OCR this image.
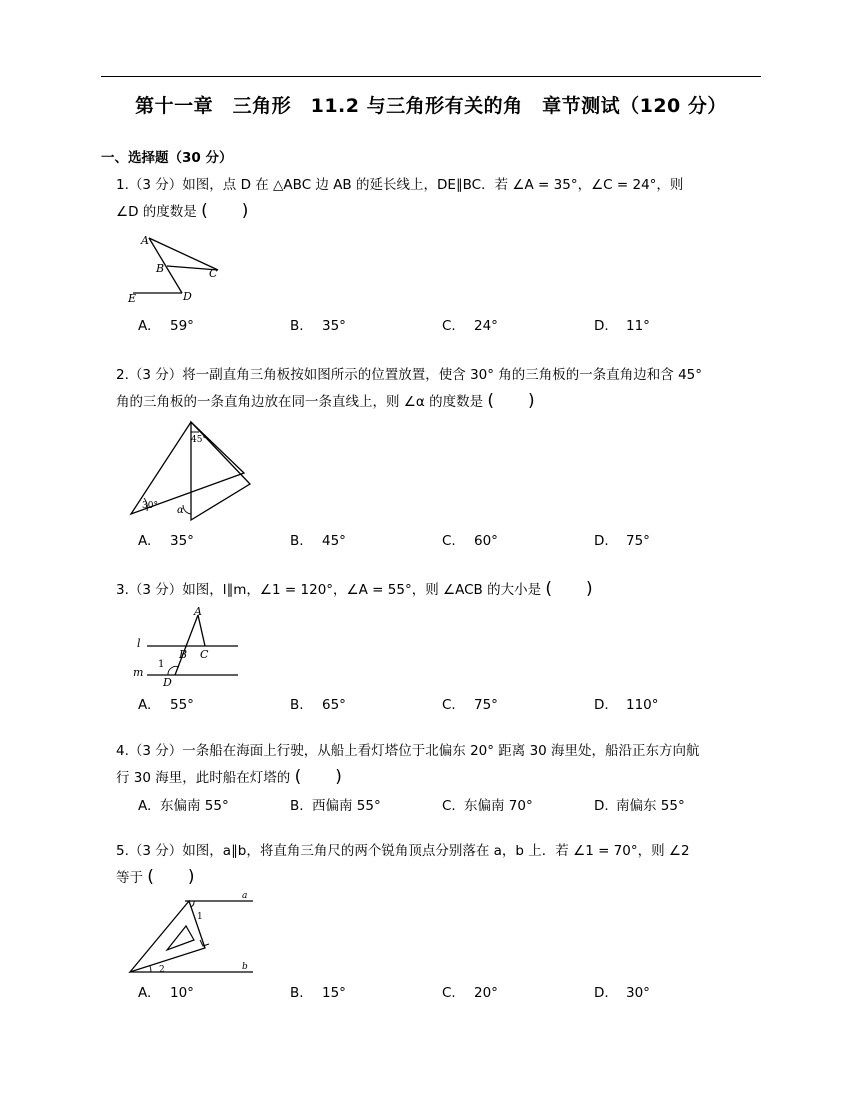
第十一章　三角形　11.2 与三角形有关的角　章节测试（120 分）
一、选择题（30 分）
1.（3 分）如图，点 D 在 △ABC 边 AB 的延长线上，DE∥BC．若 ∠A = 35°，∠C = 24°，则
∠D 的度数是 (　　)
A
B	C
E	D
A. 59°	B. 35°	C. 24°	D. 11°
2.（3 分）将一副直角三角板按如图所示的位置放置，使含 30° 角的三角板的一条直角边和含 45°
角的三角板的一条直角边放在同一条直线上，则 ∠α 的度数是 (　　)
45°
30° α
A. 35°	B. 45°	C. 60°	D. 75°
3.（3 分）如图，l∥m，∠1 = 120°，∠A = 55°，则 ∠ACB 的大小是 (　　)
A
l
B C
m
1
D
A. 55°	B. 65°	C. 75°	D. 110°
4.（3 分）一条船在海面上行驶，从船上看灯塔位于北偏东 20° 距离 30 海里处，船沿正东方向航
行 30 海里，此时船在灯塔的 (　　)
A. 东偏南 55°	B. 西偏南 55°	C. 东偏南 70°	D. 南偏东 55°
5.（3 分）如图，a∥b，将直角三角尺的两个锐角顶点分别落在 a，b 上．若 ∠1 = 70°，则 ∠2
等于 (　　)
a
1
b
2
A. 10°	B. 15°	C. 20°	D. 30°
